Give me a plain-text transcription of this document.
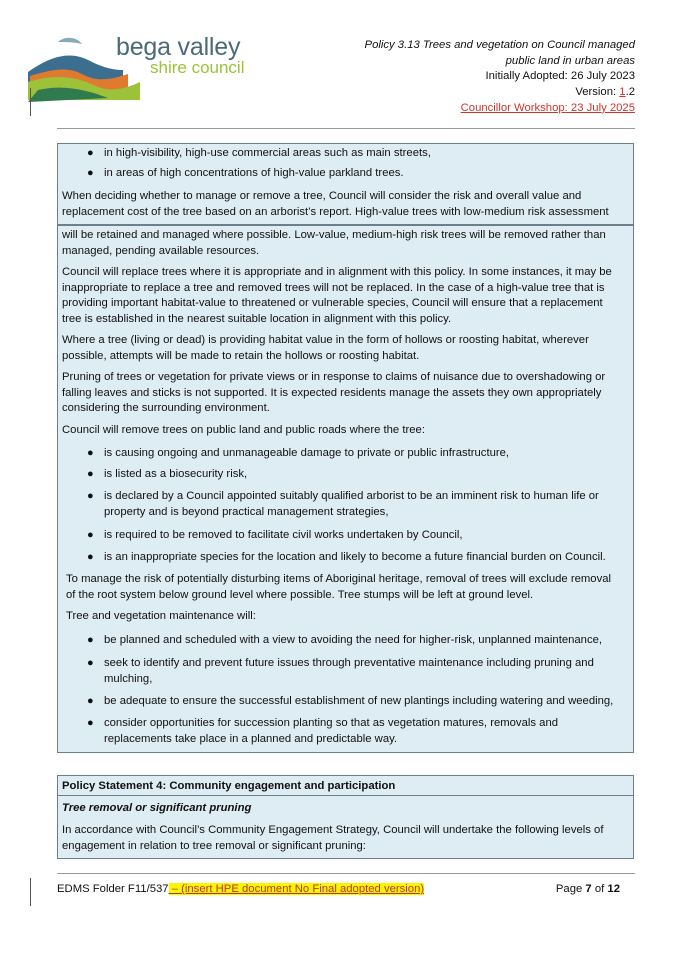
bega valley
shire council
Policy 3.13 Trees and vegetation on Council managed
public land in urban areas
Initially Adopted: 26 July 2023
Version: 1.2
Councillor Workshop: 23 July 2025
● in high-visibility, high-use commercial areas such as main streets,
● in areas of high concentrations of high-value parkland trees.
When deciding whether to manage or remove a tree, Council will consider the risk and overall value and
replacement cost of the tree based on an arborist’s report. High-value trees with low-medium risk assessment
will be retained and managed where possible. Low-value, medium-high risk trees will be removed rather than
managed, pending available resources.
Council will replace trees where it is appropriate and in alignment with this policy. In some instances, it may be
inappropriate to replace a tree and removed trees will not be replaced. In the case of a high-value tree that is
providing important habitat-value to threatened or vulnerable species, Council will ensure that a replacement
tree is established in the nearest suitable location in alignment with this policy.
Where a tree (living or dead) is providing habitat value in the form of hollows or roosting habitat, wherever
possible, attempts will be made to retain the hollows or roosting habitat.
Pruning of trees or vegetation for private views or in response to claims of nuisance due to overshadowing or
falling leaves and sticks is not supported. It is expected residents manage the assets they own appropriately
considering the surrounding environment.
Council will remove trees on public land and public roads where the tree:
● is causing ongoing and unmanageable damage to private or public infrastructure,
● is listed as a biosecurity risk,
● is declared by a Council appointed suitably qualified arborist to be an imminent risk to human life or
property and is beyond practical management strategies,
● is required to be removed to facilitate civil works undertaken by Council,
● is an inappropriate species for the location and likely to become a future financial burden on Council.
To manage the risk of potentially disturbing items of Aboriginal heritage, removal of trees will exclude removal
of the root system below ground level where possible. Tree stumps will be left at ground level.
Tree and vegetation maintenance will:
● be planned and scheduled with a view to avoiding the need for higher-risk, unplanned maintenance,
● seek to identify and prevent future issues through preventative maintenance including pruning and
mulching,
● be adequate to ensure the successful establishment of new plantings including watering and weeding,
● consider opportunities for succession planting so that as vegetation matures, removals and
replacements take place in a planned and predictable way.
Policy Statement 4: Community engagement and participation
Tree removal or significant pruning
In accordance with Council’s Community Engagement Strategy, Council will undertake the following levels of
engagement in relation to tree removal or significant pruning:
EDMS Folder F11/537 – (insert HPE document No Final adopted version)	Page 7 of 12
